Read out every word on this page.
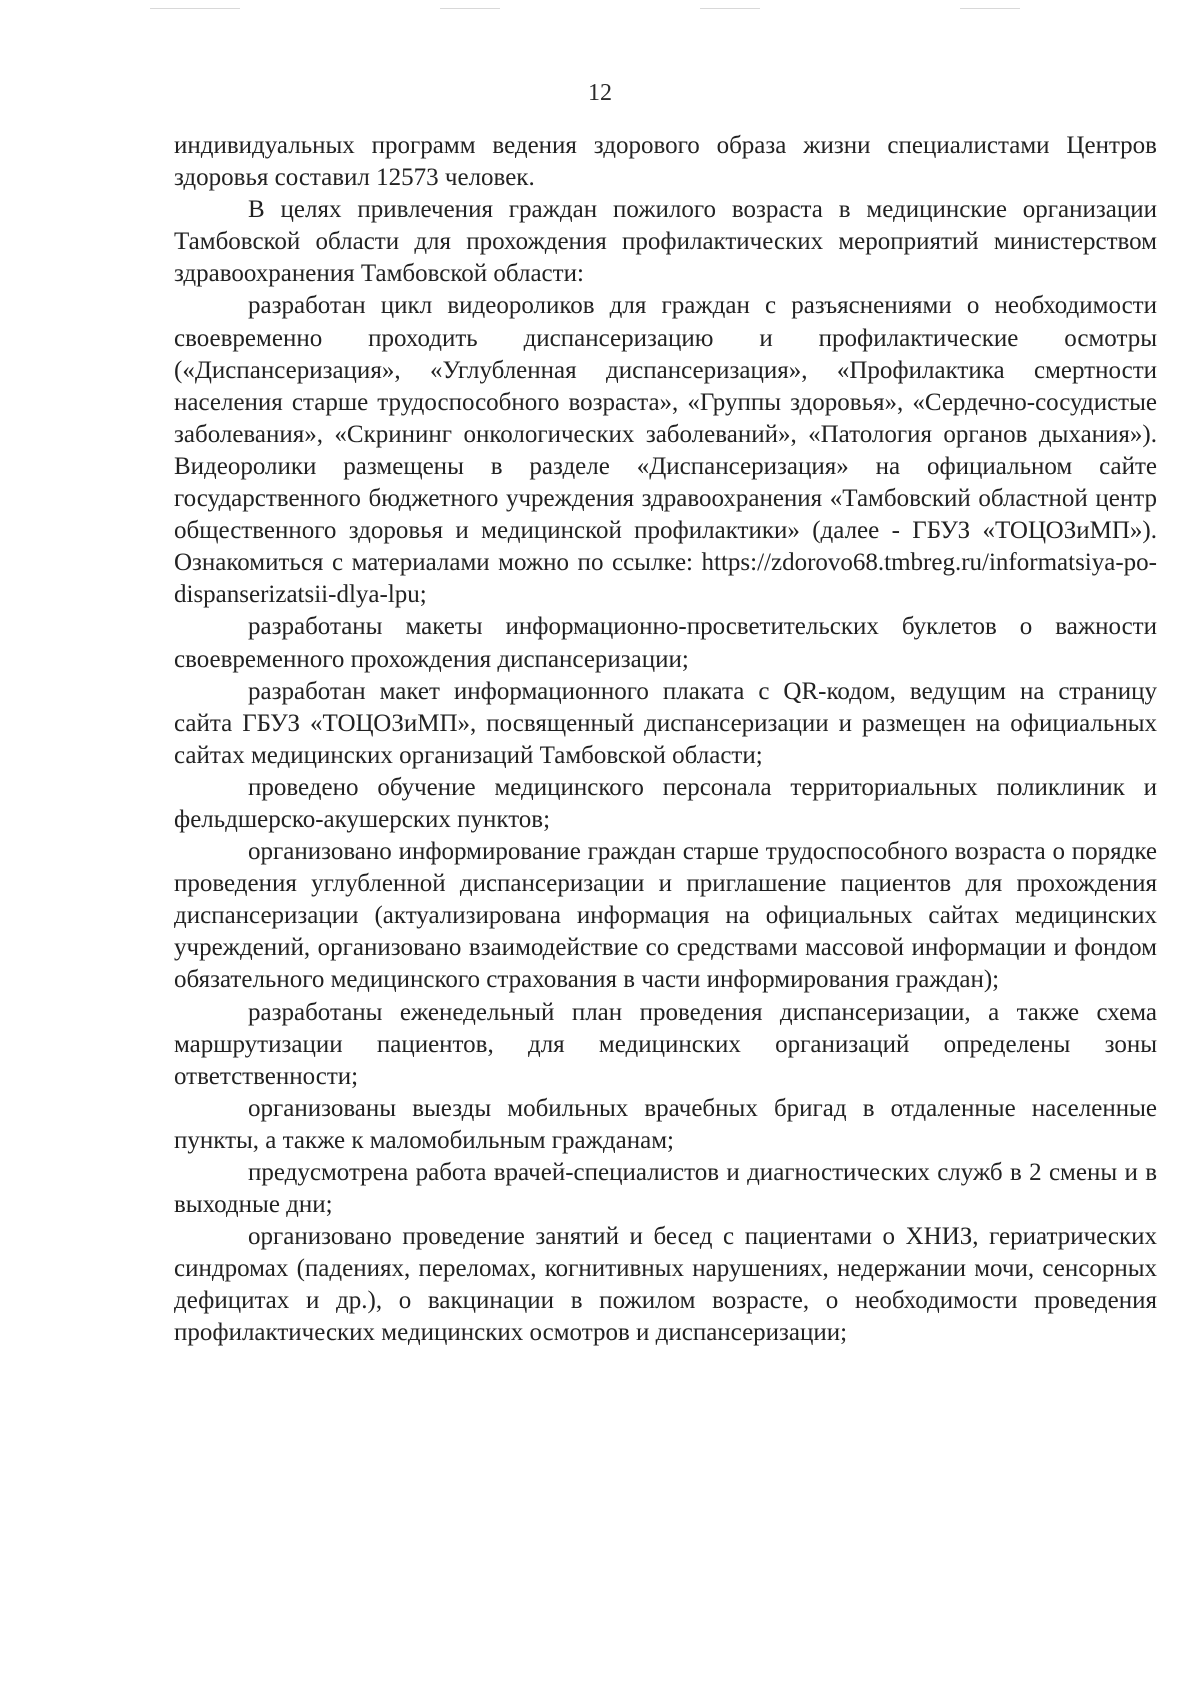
12

индивидуальных программ ведения здорового образа жизни специалистами Центров здоровья составил 12573 человек.

В целях привлечения граждан пожилого возраста в медицинские организации Тамбовской области для прохождения профилактических мероприятий министерством здравоохранения Тамбовской области:

разработан цикл видеороликов для граждан с разъяснениями о необходимости своевременно проходить диспансеризацию и профилактические осмотры («Диспансеризация», «Углубленная диспансеризация», «Профилактика смертности населения старше трудоспособного возраста», «Группы здоровья», «Сердечно-сосудистые заболевания», «Скрининг онкологических заболеваний», «Патология органов дыхания»). Видеоролики размещены в разделе «Диспансеризация» на официальном сайте государственного бюджетного учреждения здравоохранения «Тамбовский областной центр общественного здоровья и медицинской профилактики» (далее - ГБУЗ «ТОЦОЗиМП»). Ознакомиться с материалами можно по ссылке: https://zdorovo68.tmbreg.ru/informatsiya-po-dispanserizatsii-dlya-lpu;

разработаны макеты информационно-просветительских буклетов о важности своевременного прохождения диспансеризации;

разработан макет информационного плаката с QR-кодом, ведущим на страницу сайта ГБУЗ «ТОЦОЗиМП», посвященный диспансеризации и размещен на официальных сайтах медицинских организаций Тамбовской области;

проведено обучение медицинского персонала территориальных поликлиник и фельдшерско-акушерских пунктов;

организовано информирование граждан старше трудоспособного возраста о порядке проведения углубленной диспансеризации и приглашение пациентов для прохождения диспансеризации (актуализирована информация на официальных сайтах медицинских учреждений, организовано взаимодействие со средствами массовой информации и фондом обязательного медицинского страхования в части информирования граждан);

разработаны еженедельный план проведения диспансеризации, а также схема маршрутизации пациентов, для медицинских организаций определены зоны ответственности;

организованы выезды мобильных врачебных бригад в отдаленные населенные пункты, а также к маломобильным гражданам;

предусмотрена работа врачей-специалистов и диагностических служб в 2 смены и в выходные дни;

организовано проведение занятий и бесед с пациентами о ХНИЗ, гериатрических синдромах (падениях, переломах, когнитивных нарушениях, недержании мочи, сенсорных дефицитах и др.), о вакцинации в пожилом возрасте, о необходимости проведения профилактических медицинских осмотров и диспансеризации;
